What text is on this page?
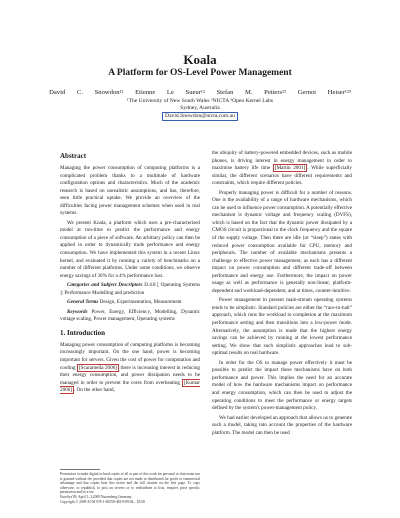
Koala
A Platform for OS-Level Power Management
David C. Snowdon¹² Etienne Le Sueur¹² Stefan M. Petters¹² Gernot Heiser¹²³
¹The University of New South Wales ²NICTA ³Open Kernel Labs
Sydney, Australia
David.Snowdon@nicta.com.au
Abstract

Managing the power consumption of computing platforms is a complicated problem thanks to a multitude of hardware configuration options and characteristics. Much of the academic research is based on unrealistic assumptions, and has, therefore, seen little practical uptake. We provide an overview of the difficulties facing power management schemes when used in real systems.

We present Koala, a platform which uses a pre-characterised model at run-time to predict the performance and energy consumption of a piece of software. An arbitrary policy can then be applied in order to dynamically trade performance and energy consumption. We have implemented this system in a recent Linux kernel, and evaluated it by running a variety of benchmarks on a number of different platforms. Under some conditions, we observe energy savings of 30% for a 4% performance loss.

Categories and Subject Descriptors D.4.8 [ Operating Systems ]: Performance Modelling and prediction

General Terms Design, Experimentation, Measurement

Keywords Power, Energy, Efficiency, Modelling, Dynamic voltage scaling, Power management, Operating systems

1. Introduction

Managing power consumption of computing platforms is becoming increasingly important. On the one hand, power is becoming important for servers. Given the cost of power for computation and cooling [Scaramella 2006] there is increasing interest in reducing their energy consumption, and power dissipation needs to be managed in order to prevent the cores from overheating [Kumar 2006] . On the other hand,

Permission to make digital or hard copies of all or part of this work for personal or classroom use is granted without fee provided that copies are not made or distributed for profit or commercial advantage and that copies bear this notice and the full citation on the first page. To copy otherwise, to republish, to post on servers or to redistribute to lists, requires prior specific permission and/or a fee.

EuroSys'09, April 1–3,2009,Nuremberg,Germany.

Copyright © 2009 ACM 978-1-60558-482-9/09/04... $5.00

the ubiquity of battery-powered embedded devices, such as mobile phones, is driving interest in energy management in order to maximise battery life time [Martin 2001] . While superficially similar, the different scenarios have different requirements and constraints, which require different policies.

Properly managing power is difficult for a number of reasons. One is the availability of a range of hardware mechanisms, which can be used to influence power consumption. A potentially effective mechanism is dynamic voltage and frequency scaling (DVFS), which is based on the fact that the dynamic power dissipated by a CMOS circuit is proportional to the clock frequency and the square of the supply voltage. Then there are idle (or “sleep”) states with reduced power consumption available for CPU, memory and peripherals. The number of available mechanisms presents a challenge to effective power management, as each has a different impact on power consumption and different trade-off between performance and energy use. Furthermore, the impact on power usage as well as performance is generally non-linear, platform-dependent and workload-dependent, and at times, counter-intuitive.

Power management in present main-stream operating systems tends to be simplistic. Standard policies are either the “race-to-halt” approach, which runs the workload to completion at the maximum performance setting and then transitions into a low-power mode. Alternatively, the assumption is made that the highest energy savings can be achieved by running at the lowest performance setting. We show that such simplistic approaches lead to sub-optimal results on real hardware.

In order for the OS to manage power effectively it must be possible to predict the impact these mechanisms have on both performance and power. This implies the need for an accurate model of how the hardware mechanisms impact on performance and energy consumption, which can then be used to adjust the operating conditions to meet the performance or energy targets defined by the system's power-management policy.

We had earlier developed an approach that allows us to generate such a model, taking into account the properties of the hardware platform. The model can then be used
